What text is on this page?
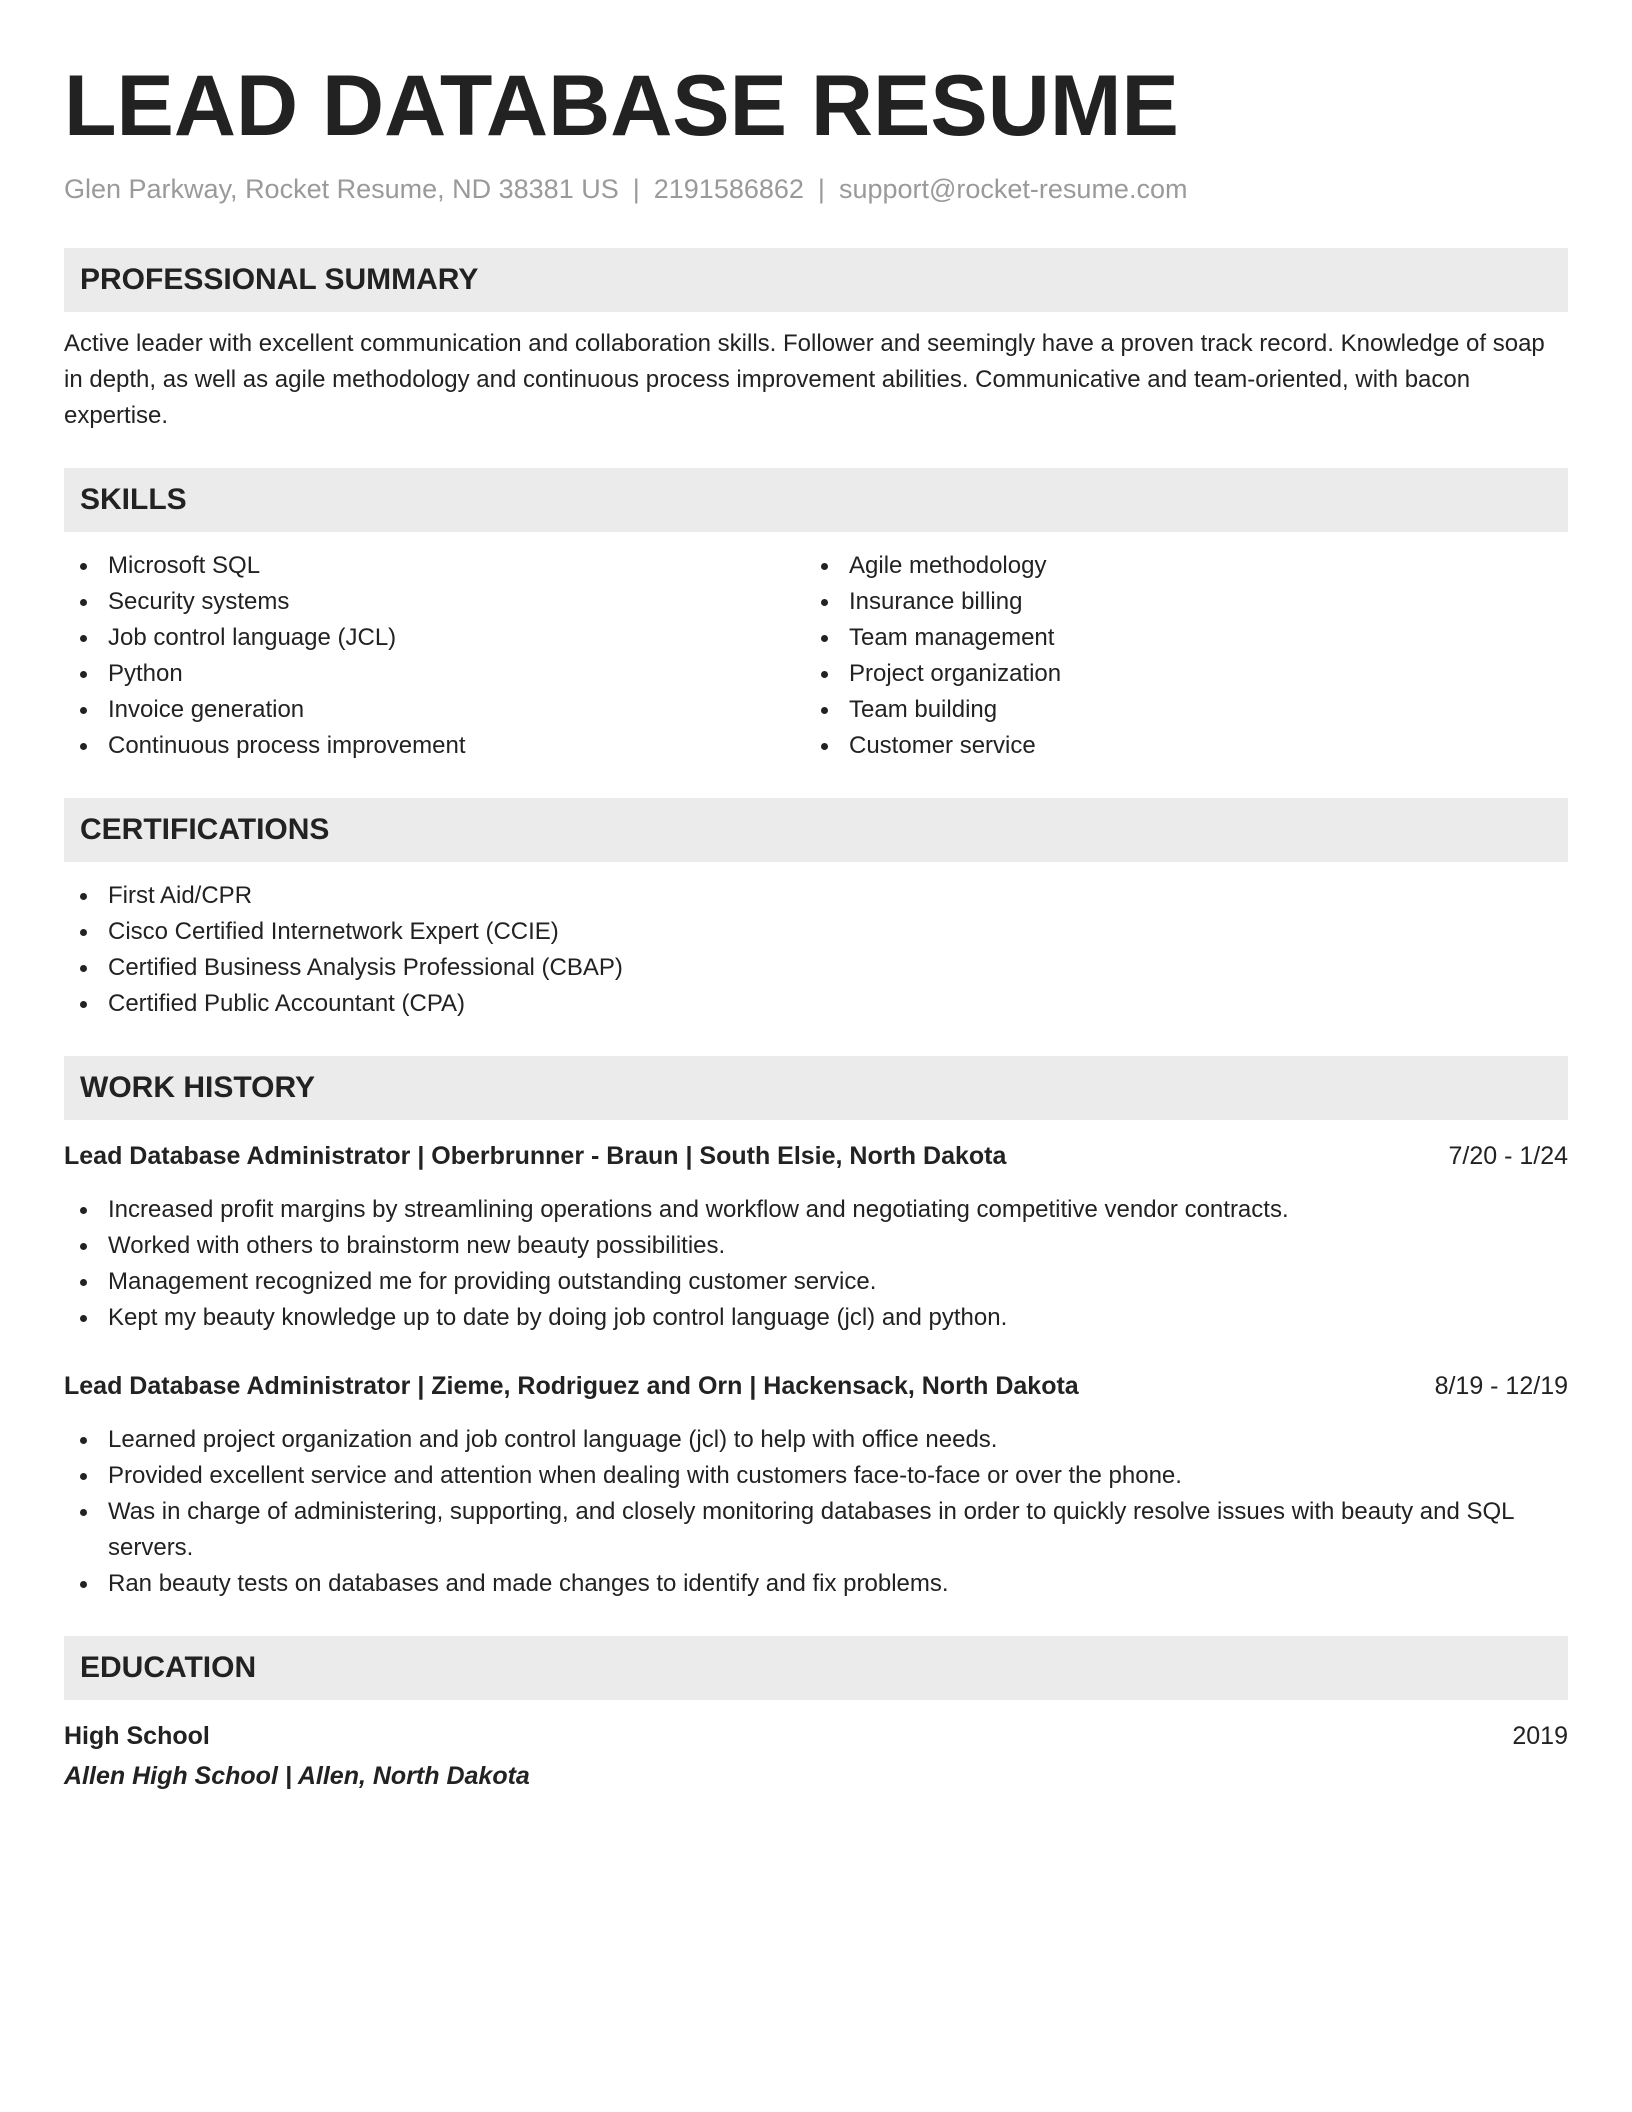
LEAD DATABASE RESUME
Glen Parkway, Rocket Resume, ND 38381 US | 2191586862 | support@rocket-resume.com
PROFESSIONAL SUMMARY

Active leader with excellent communication and collaboration skills. Follower and seemingly have a proven track record. Knowledge of soap in depth, as well as agile methodology and continuous process improvement abilities. Communicative and team-oriented, with bacon expertise.

SKILLS
Microsoft SQL
Security systems
Job control language (JCL)
Python
Invoice generation
Continuous process improvement
Agile methodology
Insurance billing
Team management
Project organization
Team building
Customer service
CERTIFICATIONS
First Aid/CPR
Cisco Certified Internetwork Expert (CCIE)
Certified Business Analysis Professional (CBAP)
Certified Public Accountant (CPA)
WORK HISTORY
Lead Database Administrator | Oberbrunner - Braun | South Elsie, North Dakota	7/20 - 1/24
Increased profit margins by streamlining operations and workflow and negotiating competitive vendor contracts.
Worked with others to brainstorm new beauty possibilities.
Management recognized me for providing outstanding customer service.
Kept my beauty knowledge up to date by doing job control language (jcl) and python.
Lead Database Administrator | Zieme, Rodriguez and Orn | Hackensack, North Dakota	8/19 - 12/19
Learned project organization and job control language (jcl) to help with office needs.
Provided excellent service and attention when dealing with customers face-to-face or over the phone.
Was in charge of administering, supporting, and closely monitoring databases in order to quickly resolve issues with beauty and SQL servers.
Ran beauty tests on databases and made changes to identify and fix problems.
EDUCATION
High School	2019
Allen High School | Allen, North Dakota
